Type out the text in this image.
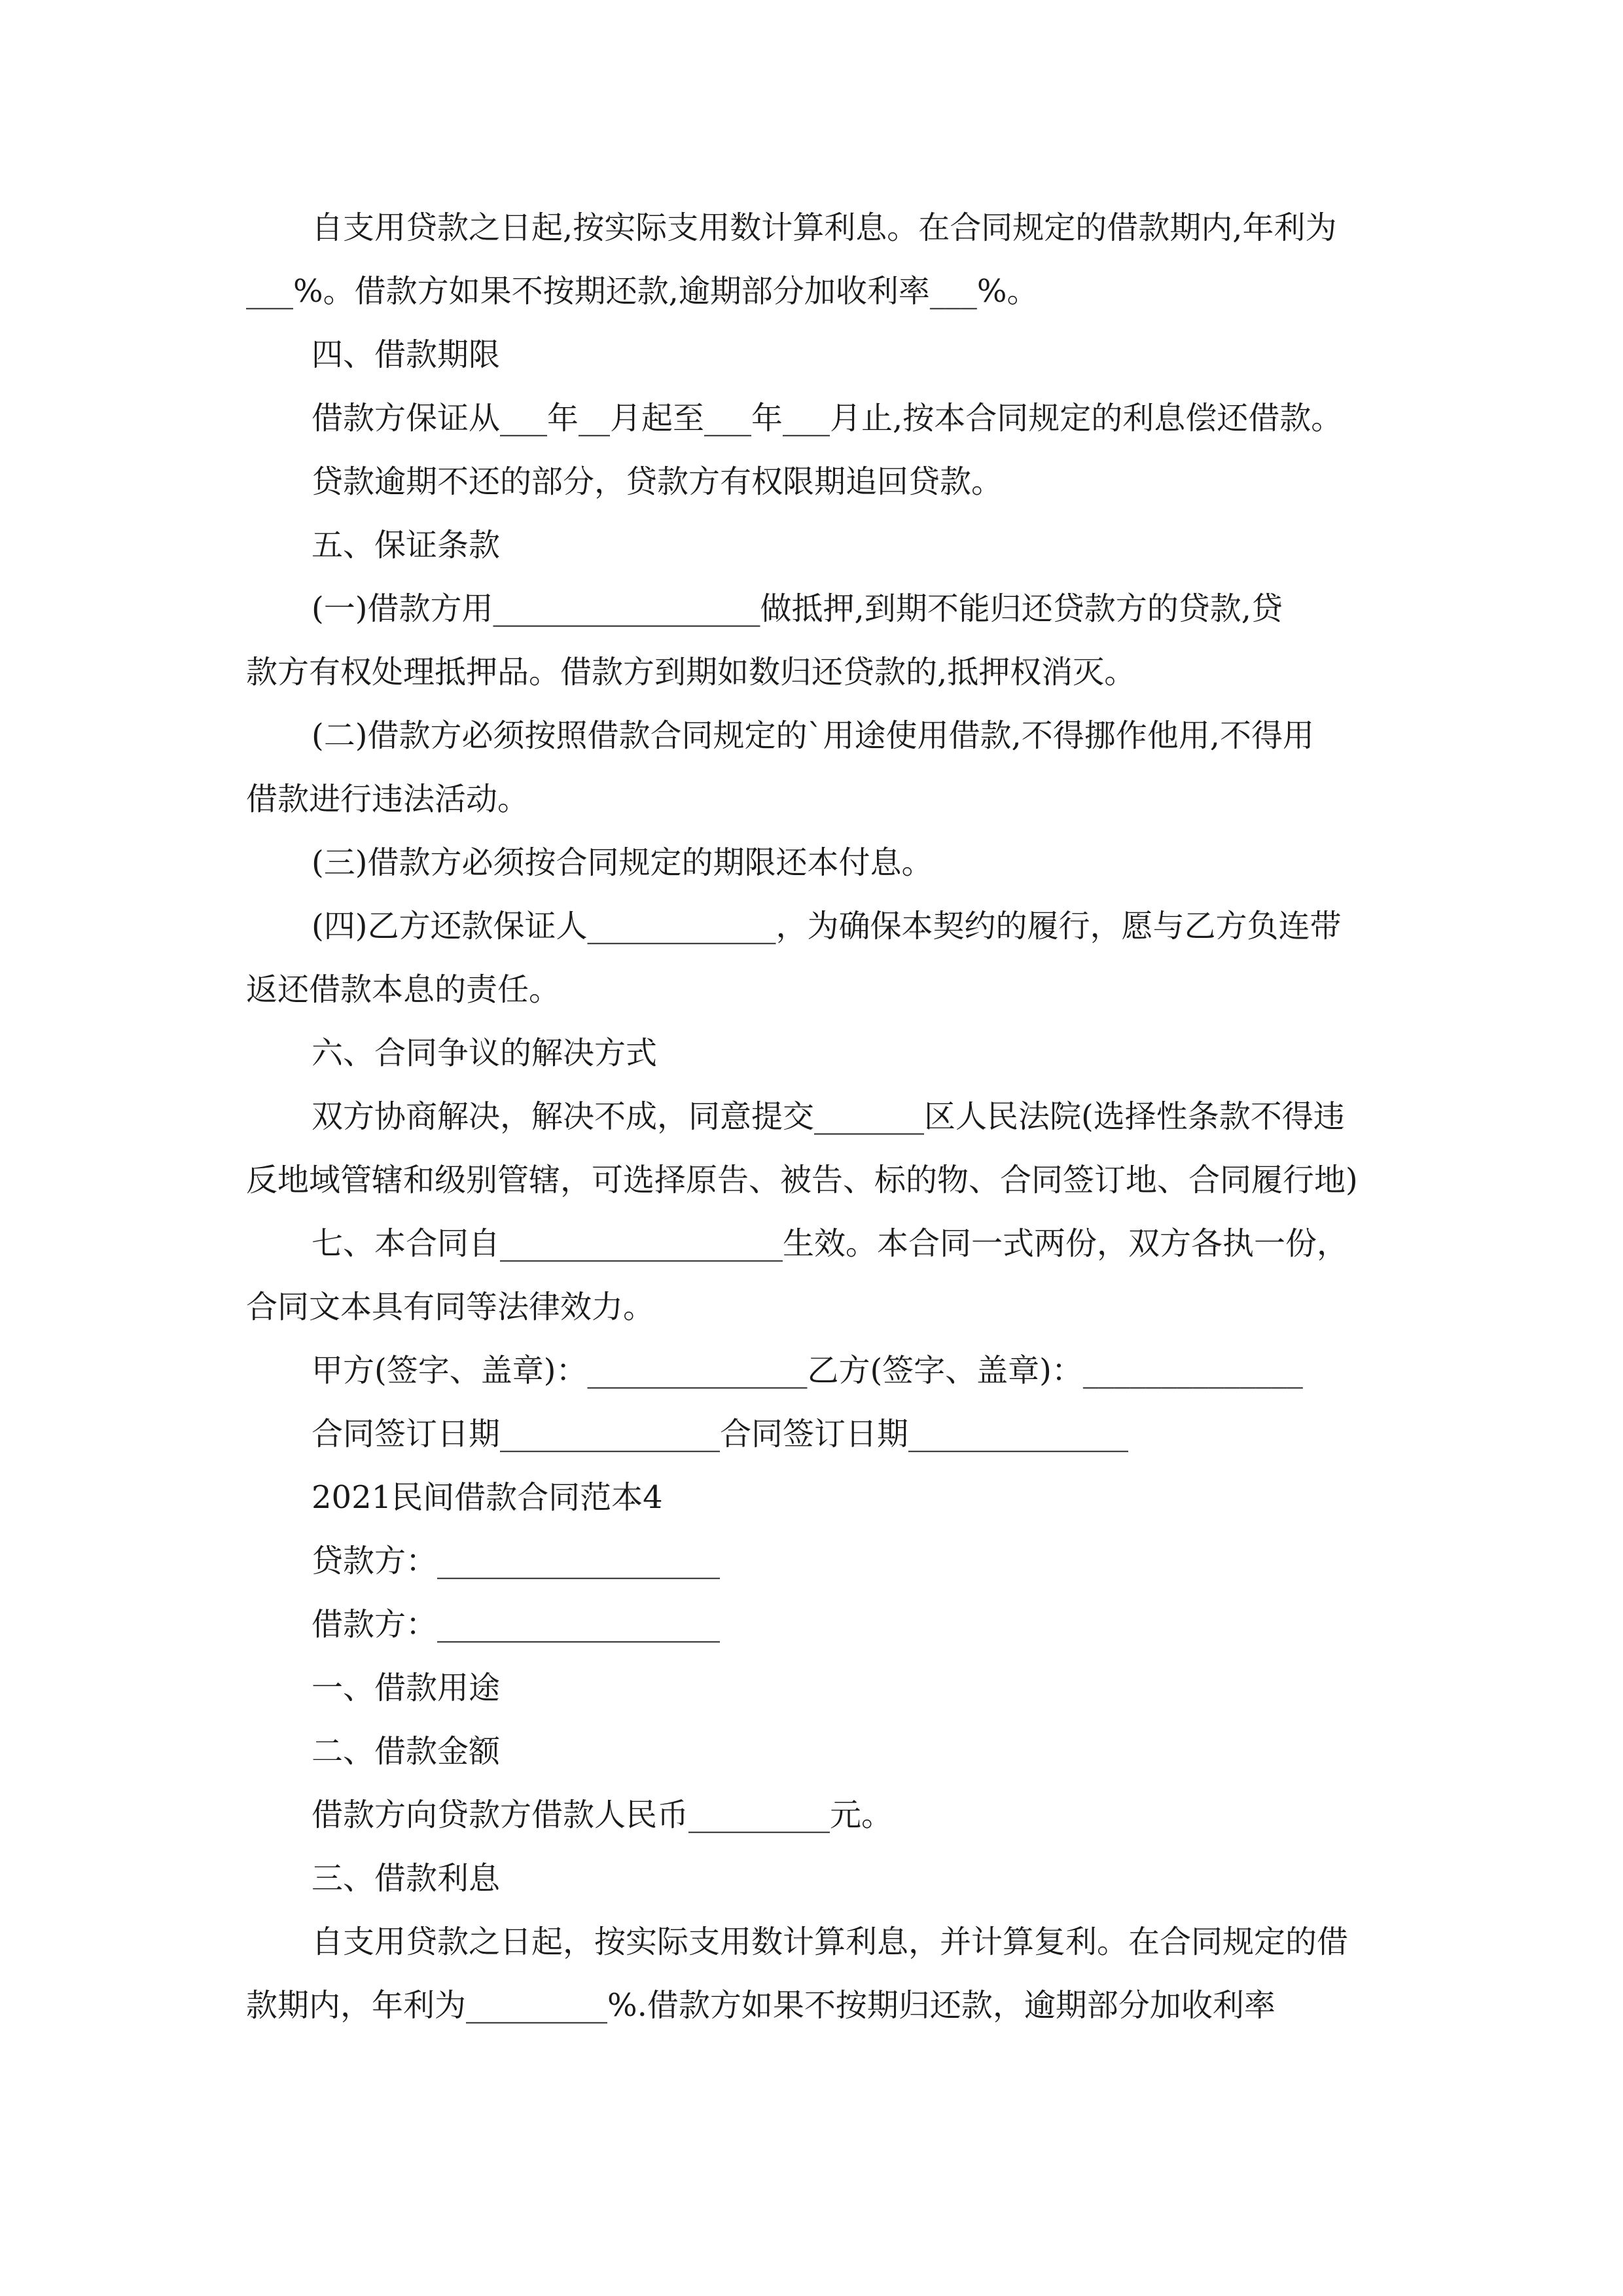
自支用贷款之日起,按实际支用数计算利息。在合同规定的借款期内,年利为
___%。借款方如果不按期还款,逾期部分加收利率___%。
四、借款期限
借款方保证从___年__月起至___年___月止,按本合同规定的利息偿还借款。
贷款逾期不还的部分，贷款方有权限期追回贷款。
五、保证条款
(一)借款方用_________________做抵押,到期不能归还贷款方的贷款,贷
款方有权处理抵押品。借款方到期如数归还贷款的,抵押权消灭。
(二)借款方必须按照借款合同规定的`用途使用借款,不得挪作他用,不得用
借款进行违法活动。
(三)借款方必须按合同规定的期限还本付息。
(四)乙方还款保证人____________，为确保本契约的履行，愿与乙方负连带
返还借款本息的责任。
六、合同争议的解决方式
双方协商解决，解决不成，同意提交_______区人民法院(选择性条款不得违
反地域管辖和级别管辖，可选择原告、被告、标的物、合同签订地、合同履行地)
七、本合同自__________________生效。本合同一式两份，双方各执一份，
合同文本具有同等法律效力。
甲方(签字、盖章)：______________乙方(签字、盖章)：______________
合同签订日期______________合同签订日期______________
2021民间借款合同范本4
贷款方：__________________
借款方：__________________
一、借款用途
二、借款金额
借款方向贷款方借款人民币_________元。
三、借款利息
自支用贷款之日起，按实际支用数计算利息，并计算复利。在合同规定的借
款期内，年利为_________%.借款方如果不按期归还款，逾期部分加收利率
